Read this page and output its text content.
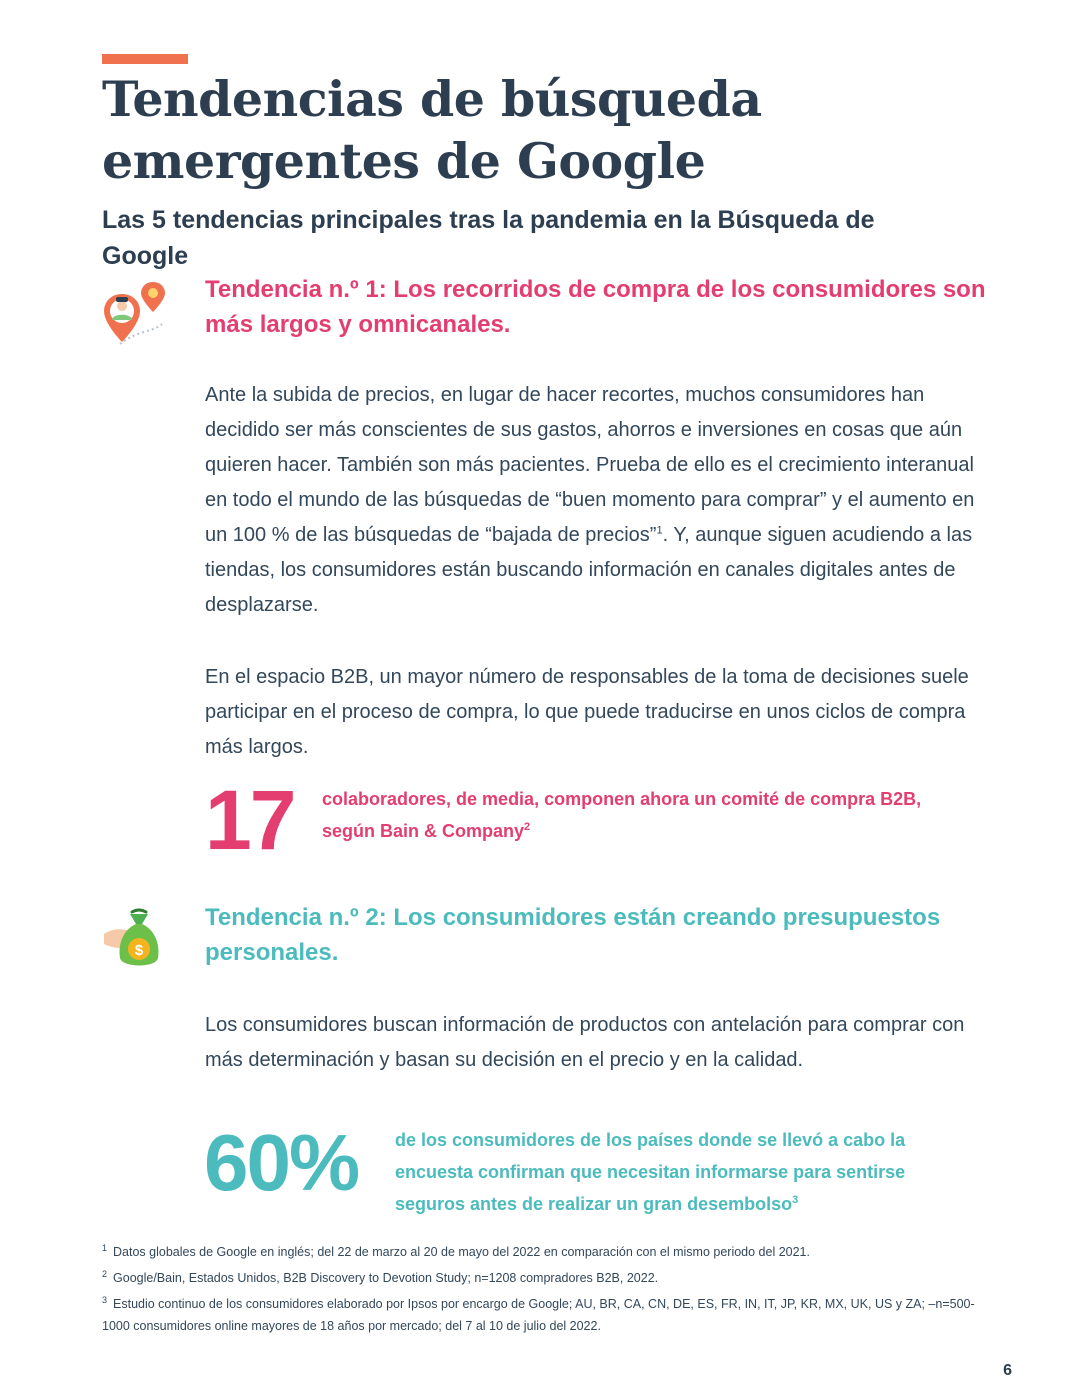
Tendencias de búsqueda emergentes de Google
Las 5 tendencias principales tras la pandemia en la Búsqueda de Google
Tendencia n.º 1: Los recorridos de compra de los consumidores son más largos y omnicanales.

Ante la subida de precios, en lugar de hacer recortes, muchos consumidores han decidido ser más conscientes de sus gastos, ahorros e inversiones en cosas que aún quieren hacer. También son más pacientes. Prueba de ello es el crecimiento interanual en todo el mundo de las búsquedas de “buen momento para comprar” y el aumento en un 100 % de las búsquedas de “bajada de precios”$^1$. Y, aunque siguen acudiendo a las tiendas, los consumidores están buscando información en canales digitales antes de desplazarse.

En el espacio B2B, un mayor número de responsables de la toma de decisiones suele participar en el proceso de compra, lo que puede traducirse en unos ciclos de compra más largos.

17 colaboradores, de media, componen ahora un comité de compra B2B, según Bain & Company$^2$

$
Tendencia n.º 2: Los consumidores están creando presupuestos personales.

Los consumidores buscan información de productos con antelación para comprar con más determinación y basan su decisión en el precio y en la calidad.

60% de los consumidores de los países donde se llevó a cabo la encuesta confirman que necesitan informarse para sentirse seguros antes de realizar un gran desembolso$^3$

$^1$ Datos globales de Google en inglés; del 22 de marzo al 20 de mayo del 2022 en comparación con el mismo periodo del 2021.
$^2$ Google/Bain, Estados Unidos, B2B Discovery to Devotion Study; n=1208 compradores B2B, 2022.
$^3$ Estudio continuo de los consumidores elaborado por Ipsos por encargo de Google; AU, BR, CA, CN, DE, ES, FR, IN, IT, JP, KR, MX, UK, US y ZA; –n=500-1000 consumidores online mayores de 18 años por mercado; del 7 al 10 de julio del 2022.
6
